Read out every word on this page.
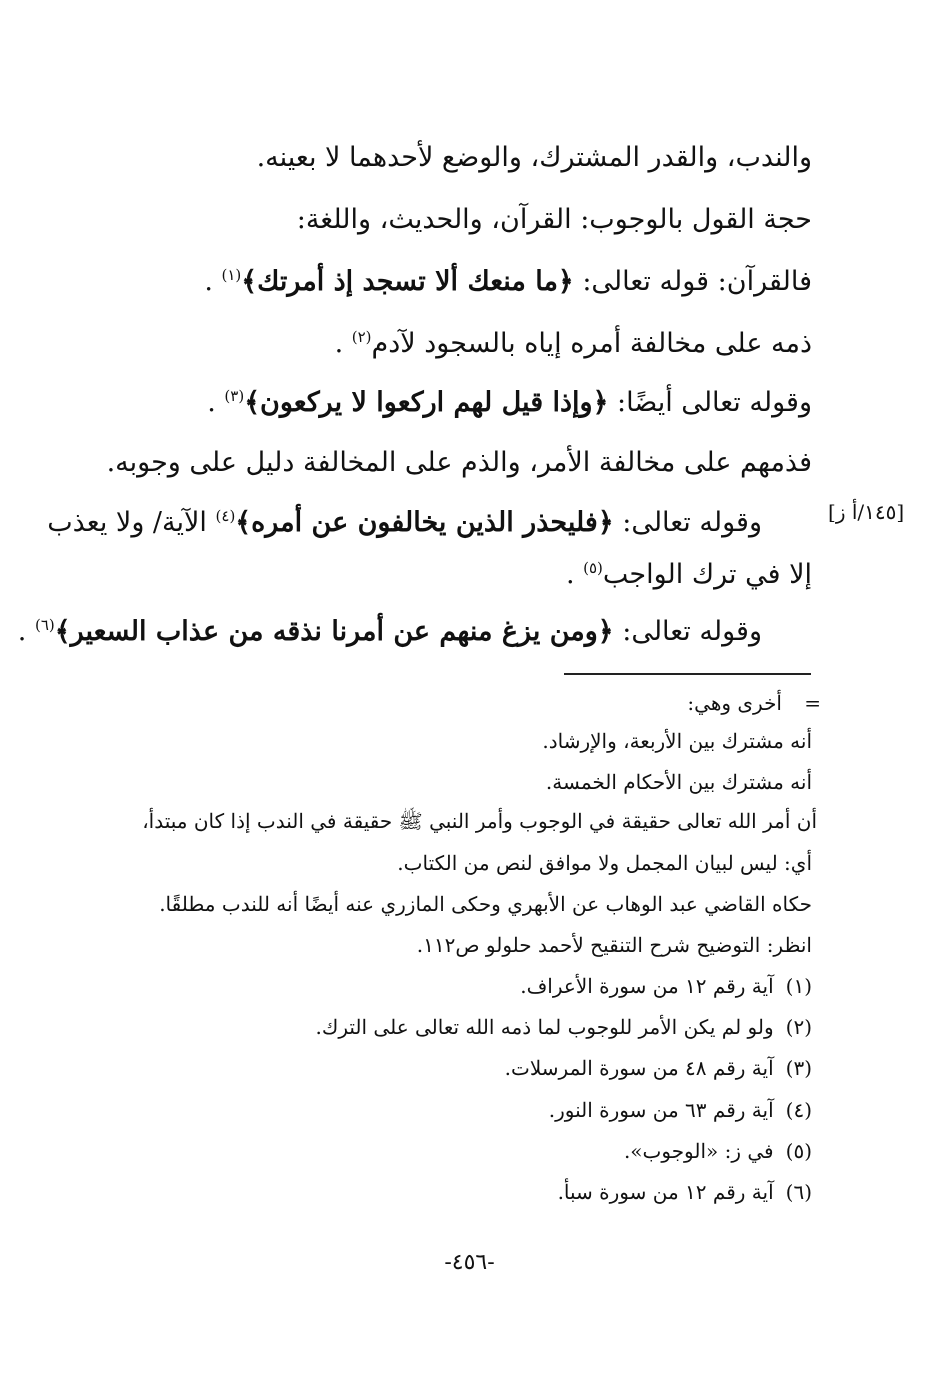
والندب، والقدر المشترك، والوضع لأحدهما لا بعينه.
حجة القول بالوجوب: القرآن، والحديث، واللغة:
فالقرآن: قوله تعالى: ﴿ما منعك ألا تسجد إذ أمرتك﴾$^{(١)}$ .
ذمه على مخالفة أمره إياه بالسجود لآدم$^{(٢)}$ .
وقوله تعالى أيضًا: ﴿وإذا قيل لهم اركعوا لا يركعون﴾$^{(٣)}$ .
فذمهم على مخالفة الأمر، والذم على المخالفة دليل على وجوبه.
وقوله تعالى: ﴿فليحذر الذين يخالفون عن أمره﴾$^{(٤)}$ الآية/ ولا يعذب
إلا في ترك الواجب$^{(٥)}$ .
وقوله تعالى: ﴿ومن يزغ منهم عن أمرنا نذقه من عذاب السعير﴾$^{(٦)}$ .
[١٤٥/أ ز]
=
أخرى وهي:
أنه مشترك بين الأربعة، والإرشاد.
أنه مشترك بين الأحكام الخمسة.
أن أمر الله تعالى حقيقة في الوجوب وأمر النبي ﷺ حقيقة في الندب إذا كان مبتدأ،
أي: ليس لبيان المجمل ولا موافق لنص من الكتاب.
حكاه القاضي عبد الوهاب عن الأبهري وحكى المازري عنه أيضًا أنه للندب مطلقًا.
انظر: التوضيح شرح التنقيح لأحمد حلولو ص١١٢.
(١)آية رقم ١٢ من سورة الأعراف.
(٢)ولو لم يكن الأمر للوجوب لما ذمه الله تعالى على الترك.
(٣)آية رقم ٤٨ من سورة المرسلات.
(٤)آية رقم ٦٣ من سورة النور.
(٥)في ز: «الوجوب».
(٦)آية رقم ١٢ من سورة سبأ.
-٤٥٦-
